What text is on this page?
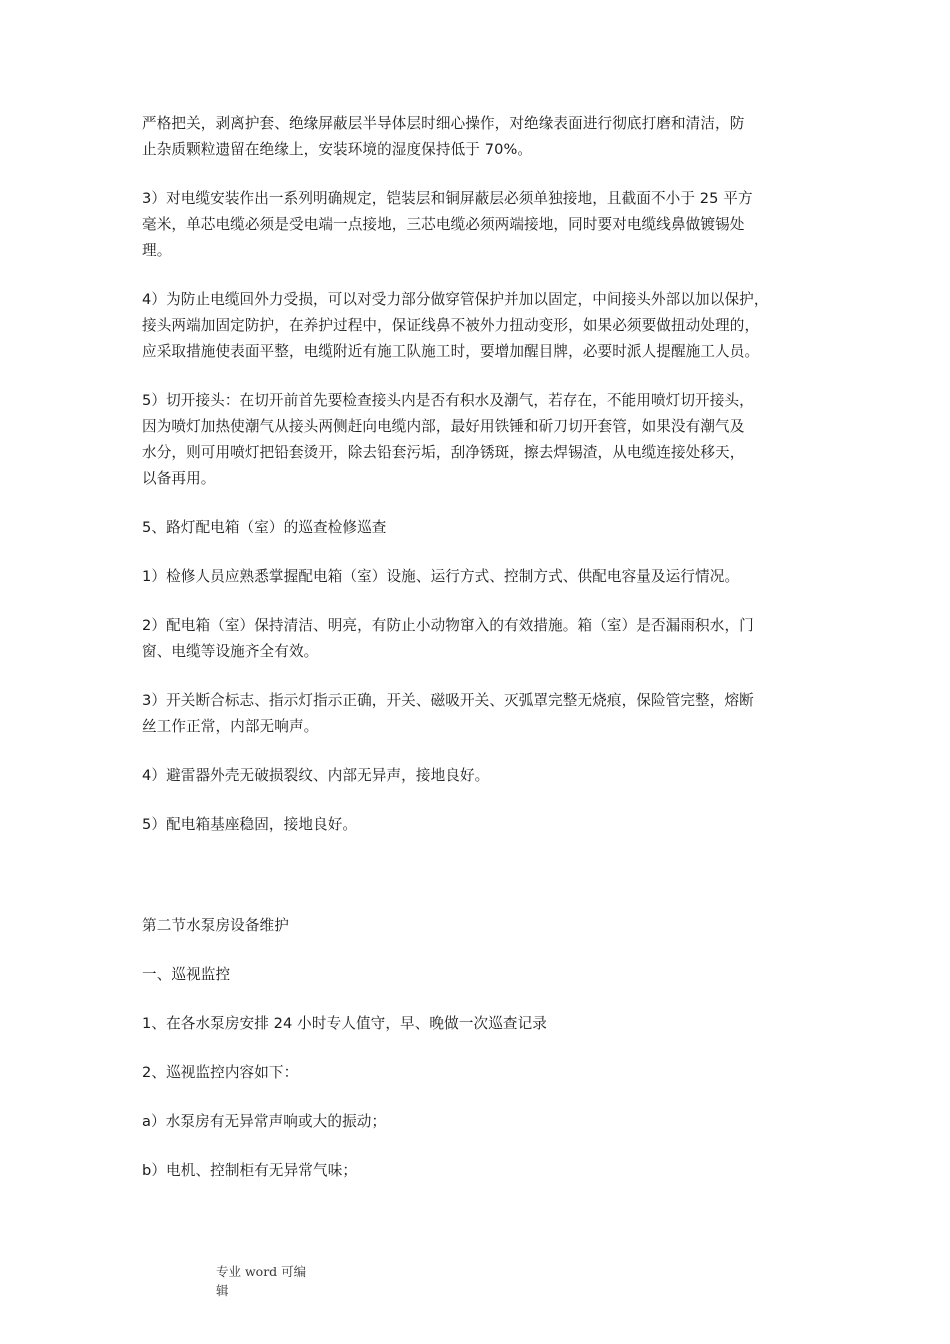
严格把关，剥离护套、绝缘屏蔽层半导体层时细心操作，对绝缘表面进行彻底打磨和清洁，防
止杂质颗粒遗留在绝缘上，安装环境的湿度保持低于 70%。

3）对电缆安装作出一系列明确规定，铠装层和铜屏蔽层必须单独接地，且截面不小于 25 平方
毫米，单芯电缆必须是受电端一点接地，三芯电缆必须两端接地，同时要对电缆线鼻做镀锡处
理。

4）为防止电缆回外力受损，可以对受力部分做穿管保护并加以固定，中间接头外部以加以保护，
接头两端加固定防护，在养护过程中，保证线鼻不被外力扭动变形，如果必须要做扭动处理的，
应采取措施使表面平整，电缆附近有施工队施工时，要增加醒目牌，必要时派人提醒施工人员。

5）切开接头：在切开前首先要检查接头内是否有积水及潮气，若存在，不能用喷灯切开接头，
因为喷灯加热使潮气从接头两侧赶向电缆内部，最好用铁锤和斫刀切开套管，如果没有潮气及
水分，则可用喷灯把铅套烫开，除去铅套污垢，刮净锈斑，擦去焊锡渣，从电缆连接处移天，
以备再用。

5、路灯配电箱（室）的巡查检修巡查

1）检修人员应熟悉掌握配电箱（室）设施、运行方式、控制方式、供配电容量及运行情况。

2）配电箱（室）保持清洁、明亮，有防止小动物窜入的有效措施。箱（室）是否漏雨积水，门
窗、电缆等设施齐全有效。

3）开关断合标志、指示灯指示正确，开关、磁吸开关、灭弧罩完整无烧痕，保险管完整，熔断
丝工作正常，内部无响声。

4）避雷器外壳无破损裂纹、内部无异声，接地良好。

5）配电箱基座稳固，接地良好。

第二节水泵房设备维护

一、巡视监控

1、在各水泵房安排 24 小时专人值守，早、晚做一次巡查记录

2、巡视监控内容如下：

a）水泵房有无异常声响或大的振动；

b）电机、控制柜有无异常气味；

专业 word 可编
辑
